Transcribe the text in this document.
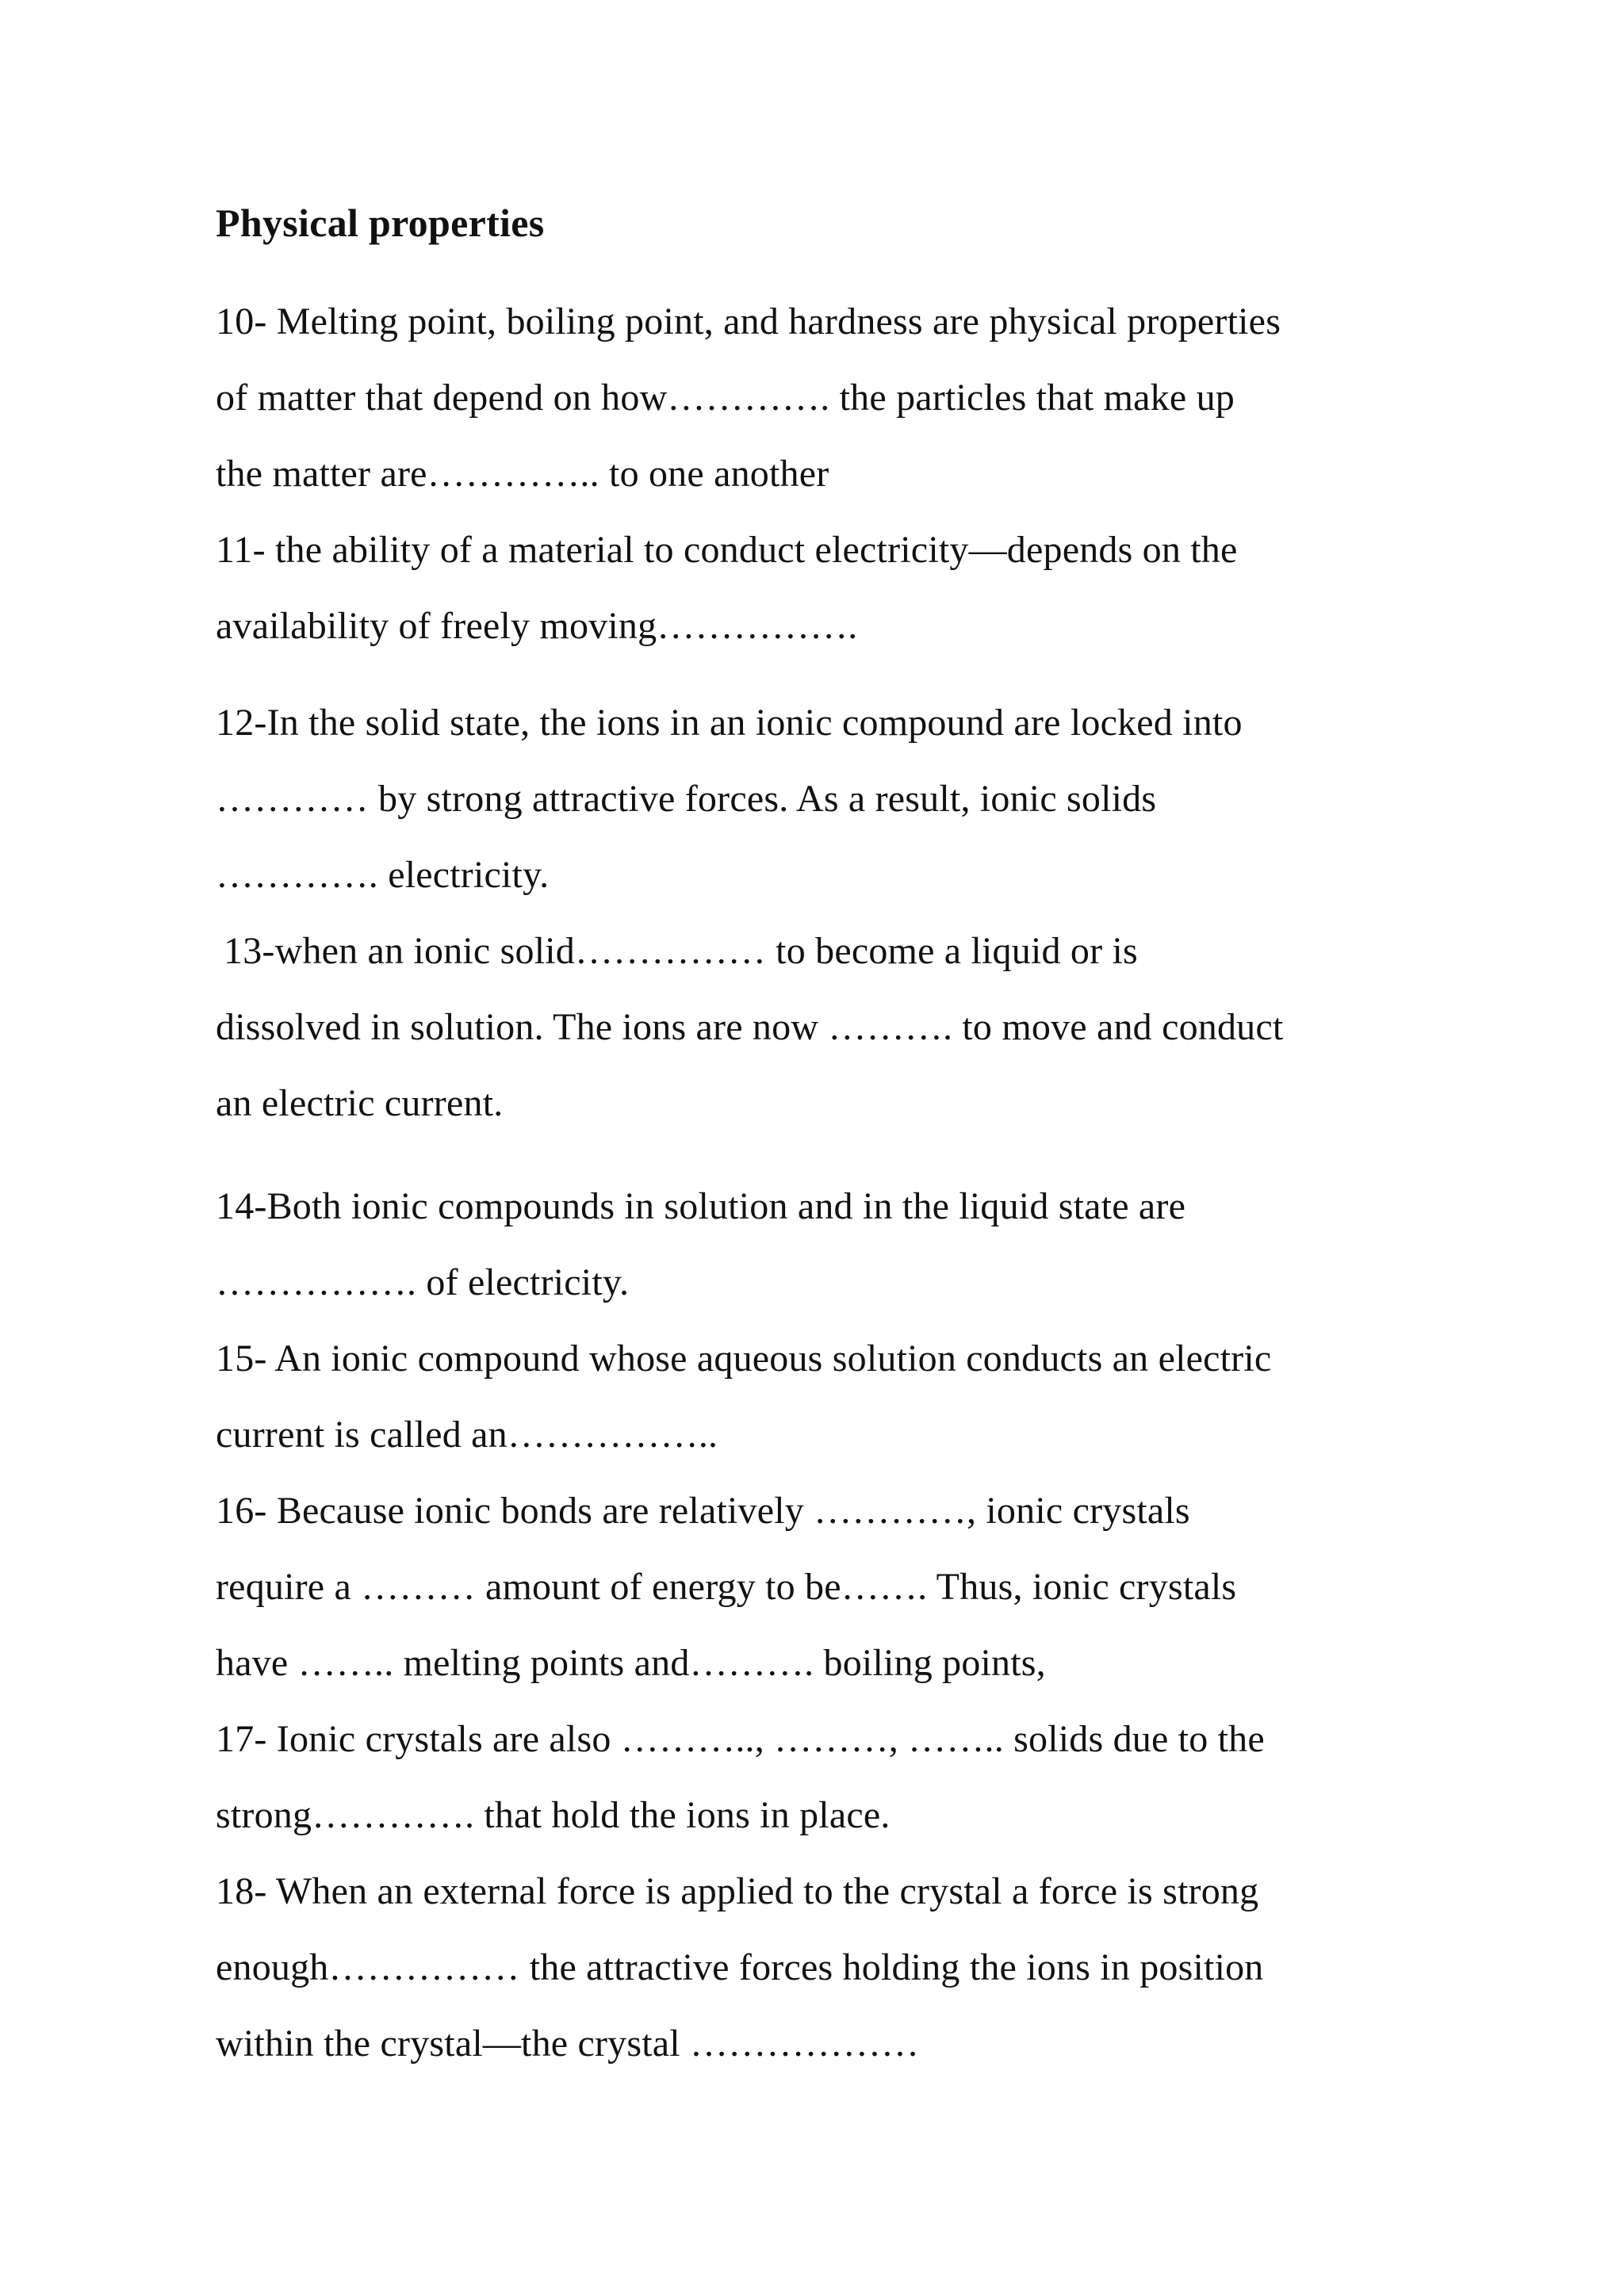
Physical properties
10- Melting point, boiling point, and hardness are physical properties
of matter that depend on how…………. the particles that make up
the matter are………….. to one another
11- the ability of a material to conduct electricity—depends on the
availability of freely moving…………….
12-In the solid state, the ions in an ionic compound are locked into
………… by strong attractive forces. As a result, ionic solids
…………. electricity.
13-when an ionic solid…………… to become a liquid or is
dissolved in solution. The ions are now ………. to move and conduct
an electric current.
14-Both ionic compounds in solution and in the liquid state are
……………. of electricity.
15- An ionic compound whose aqueous solution conducts an electric
current is called an……………..
16- Because ionic bonds are relatively …………, ionic crystals
require a ……… amount of energy to be……. Thus, ionic crystals
have …….. melting points and………. boiling points,
17- Ionic crystals are also ……….., ………, …….. solids due to the
strong…………. that hold the ions in place.
18- When an external force is applied to the crystal a force is strong
enough…………… the attractive forces holding the ions in position
within the crystal—the crystal ………………
